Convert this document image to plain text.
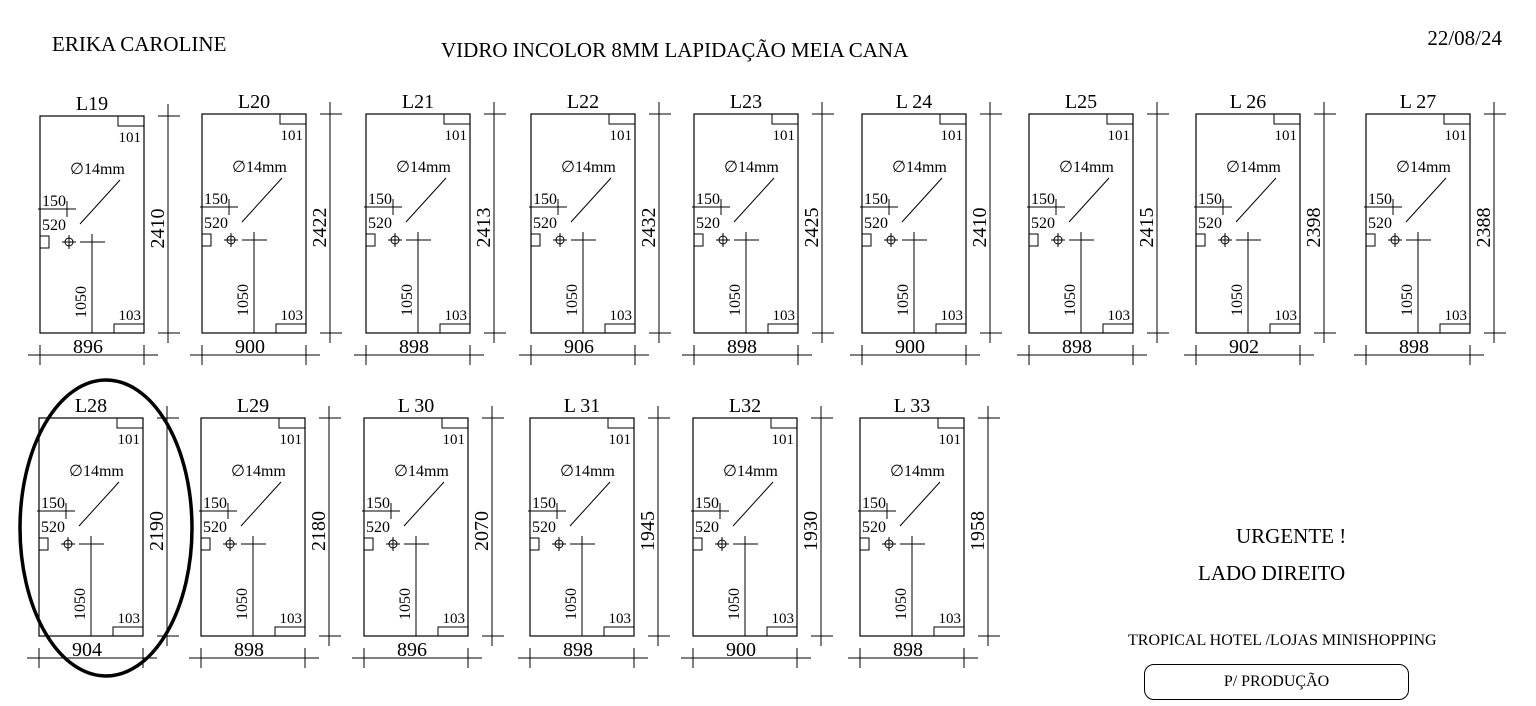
ERIKA CAROLINE	VIDRO INCOLOR 8MM LAPIDAÇÃO MEIA CANA	22/08/24
L19
101
103
∅14mm
150
520
1050
2410
896
L20
101
103
∅14mm
150
520
1050
2422
900
L21
101
103
∅14mm
150
520
1050
2413
898
L22
101
103
∅14mm
150
520
1050
2432
906
L23
101
103
∅14mm
150
520
1050
2425
898
L 24
101
103
∅14mm
150
520
1050
2410
900
L25
101
103
∅14mm
150
520
1050
2415
898
L 26
101
103
∅14mm
150
520
1050
2398
902
L 27
101
103
∅14mm
150
520
1050
2388
898
L28
101
103
∅14mm
150
520
1050
2190
904
L29
101
103
∅14mm
150
520
1050
2180
898
L 30
101
103
∅14mm
150
520
1050
2070
896
L 31
101
103
∅14mm
150
520
1050
1945
898
L32
101
103
∅14mm
150
520
1050
1930
900
L 33
101
103
∅14mm
150
520
1050
1958
898
URGENTE !
LADO DIREITO
TROPICAL HOTEL /LOJAS MINISHOPPING
P/ PRODUÇÃO
